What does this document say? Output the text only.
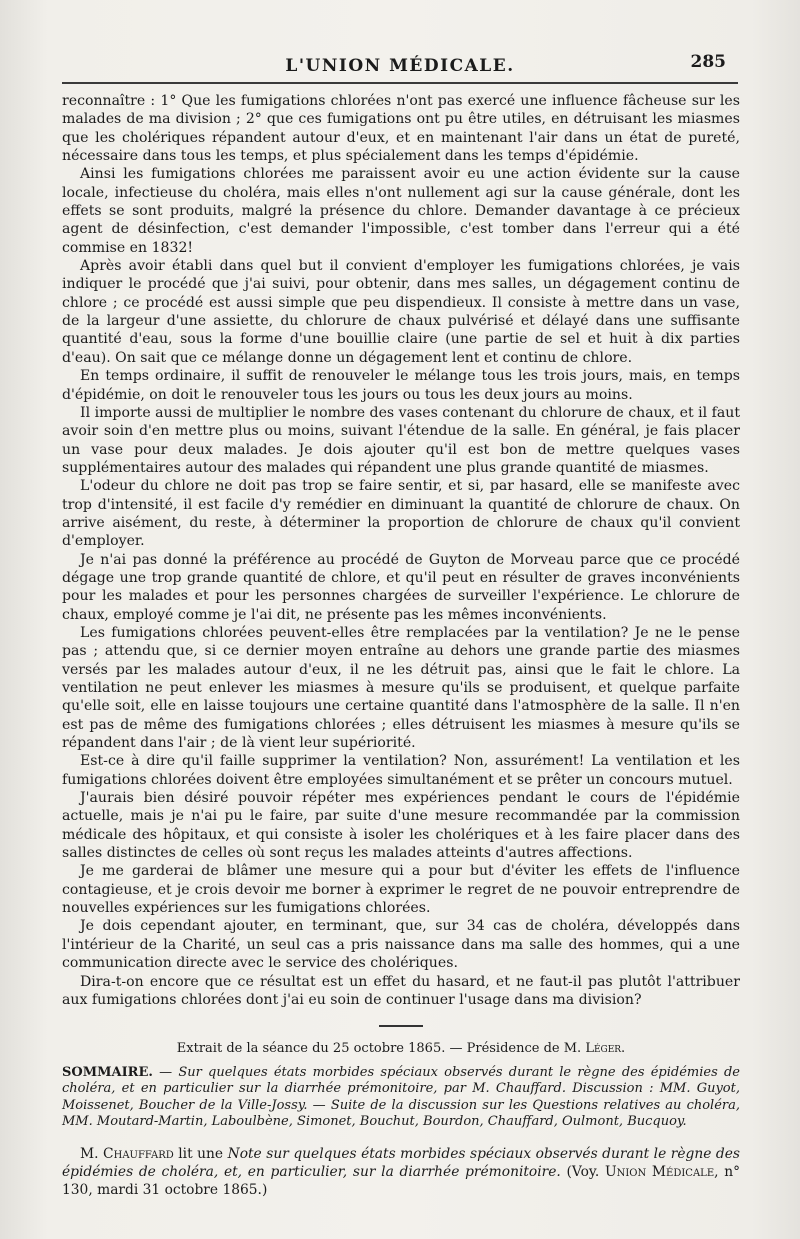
L'UNION MÉDICALE.	285

reconnaître : 1° Que les fumigations chlorées n'ont pas exercé une influence fâcheuse sur les malades de ma division ; 2° que ces fumigations ont pu être utiles, en détruisant les miasmes que les cholériques répandent autour d'eux, et en maintenant l'air dans un état de pureté, nécessaire dans tous les temps, et plus spécialement dans les temps d'épidémie.

Ainsi les fumigations chlorées me paraissent avoir eu une action évidente sur la cause locale, infectieuse du choléra, mais elles n'ont nullement agi sur la cause générale, dont les effets se sont produits, malgré la présence du chlore. Demander davantage à ce précieux agent de désinfection, c'est demander l'impossible, c'est tomber dans l'erreur qui a été commise en 1832!

Après avoir établi dans quel but il convient d'employer les fumigations chlorées, je vais indiquer le procédé que j'ai suivi, pour obtenir, dans mes salles, un dégagement continu de chlore ; ce procédé est aussi simple que peu dispendieux. Il consiste à mettre dans un vase, de la largeur d'une assiette, du chlorure de chaux pulvérisé et délayé dans une suffisante quantité d'eau, sous la forme d'une bouillie claire (une partie de sel et huit à dix parties d'eau). On sait que ce mélange donne un dégagement lent et continu de chlore.

En temps ordinaire, il suffit de renouveler le mélange tous les trois jours, mais, en temps d'épidémie, on doit le renouveler tous les jours ou tous les deux jours au moins.

Il importe aussi de multiplier le nombre des vases contenant du chlorure de chaux, et il faut avoir soin d'en mettre plus ou moins, suivant l'étendue de la salle. En général, je fais placer un vase pour deux malades. Je dois ajouter qu'il est bon de mettre quelques vases supplémentaires autour des malades qui répandent une plus grande quantité de miasmes.

L'odeur du chlore ne doit pas trop se faire sentir, et si, par hasard, elle se manifeste avec trop d'intensité, il est facile d'y remédier en diminuant la quantité de chlorure de chaux. On arrive aisément, du reste, à déterminer la proportion de chlorure de chaux qu'il convient d'employer.

Je n'ai pas donné la préférence au procédé de Guyton de Morveau parce que ce procédé dégage une trop grande quantité de chlore, et qu'il peut en résulter de graves inconvénients pour les malades et pour les personnes chargées de surveiller l'expérience. Le chlorure de chaux, employé comme je l'ai dit, ne présente pas les mêmes inconvénients.

Les fumigations chlorées peuvent-elles être remplacées par la ventilation? Je ne le pense pas ; attendu que, si ce dernier moyen entraîne au dehors une grande partie des miasmes versés par les malades autour d'eux, il ne les détruit pas, ainsi que le fait le chlore. La ventilation ne peut enlever les miasmes à mesure qu'ils se produisent, et quelque parfaite qu'elle soit, elle en laisse toujours une certaine quantité dans l'atmosphère de la salle. Il n'en est pas de même des fumigations chlorées ; elles détruisent les miasmes à mesure qu'ils se répandent dans l'air ; de là vient leur supériorité.

Est-ce à dire qu'il faille supprimer la ventilation? Non, assurément! La ventilation et les fumigations chlorées doivent être employées simultanément et se prêter un concours mutuel.

J'aurais bien désiré pouvoir répéter mes expériences pendant le cours de l'épidémie actuelle, mais je n'ai pu le faire, par suite d'une mesure recommandée par la commission médicale des hôpitaux, et qui consiste à isoler les cholériques et à les faire placer dans des salles distinctes de celles où sont reçus les malades atteints d'autres affections.

Je me garderai de blâmer une mesure qui a pour but d'éviter les effets de l'influence contagieuse, et je crois devoir me borner à exprimer le regret de ne pouvoir entreprendre de nouvelles expériences sur les fumigations chlorées.

Je dois cependant ajouter, en terminant, que, sur 34 cas de choléra, développés dans l'intérieur de la Charité, un seul cas a pris naissance dans ma salle des hommes, qui a une communication directe avec le service des cholériques.

Dira-t-on encore que ce résultat est un effet du hasard, et ne faut-il pas plutôt l'attribuer aux fumigations chlorées dont j'ai eu soin de continuer l'usage dans ma division?

Extrait de la séance du 25 octobre 1865. — Présidence de M. Léger.
SOMMAIRE. — Sur quelques états morbides spéciaux observés durant le règne des épidémies de choléra, et en particulier sur la diarrhée prémonitoire, par M. Chauffard. Discussion : MM. Guyot, Moissenet, Boucher de la Ville-Jossy. — Suite de la discussion sur les Questions relatives au choléra, MM. Moutard-Martin, Laboulbène, Simonet, Bouchut, Bourdon, Chauffard, Oulmont, Bucquoy.
M. Chauffard lit une Note sur quelques états morbides spéciaux observés durant le règne des épidémies de choléra, et, en particulier, sur la diarrhée prémonitoire. (Voy. Union Médicale, n° 130, mardi 31 octobre 1865.)
